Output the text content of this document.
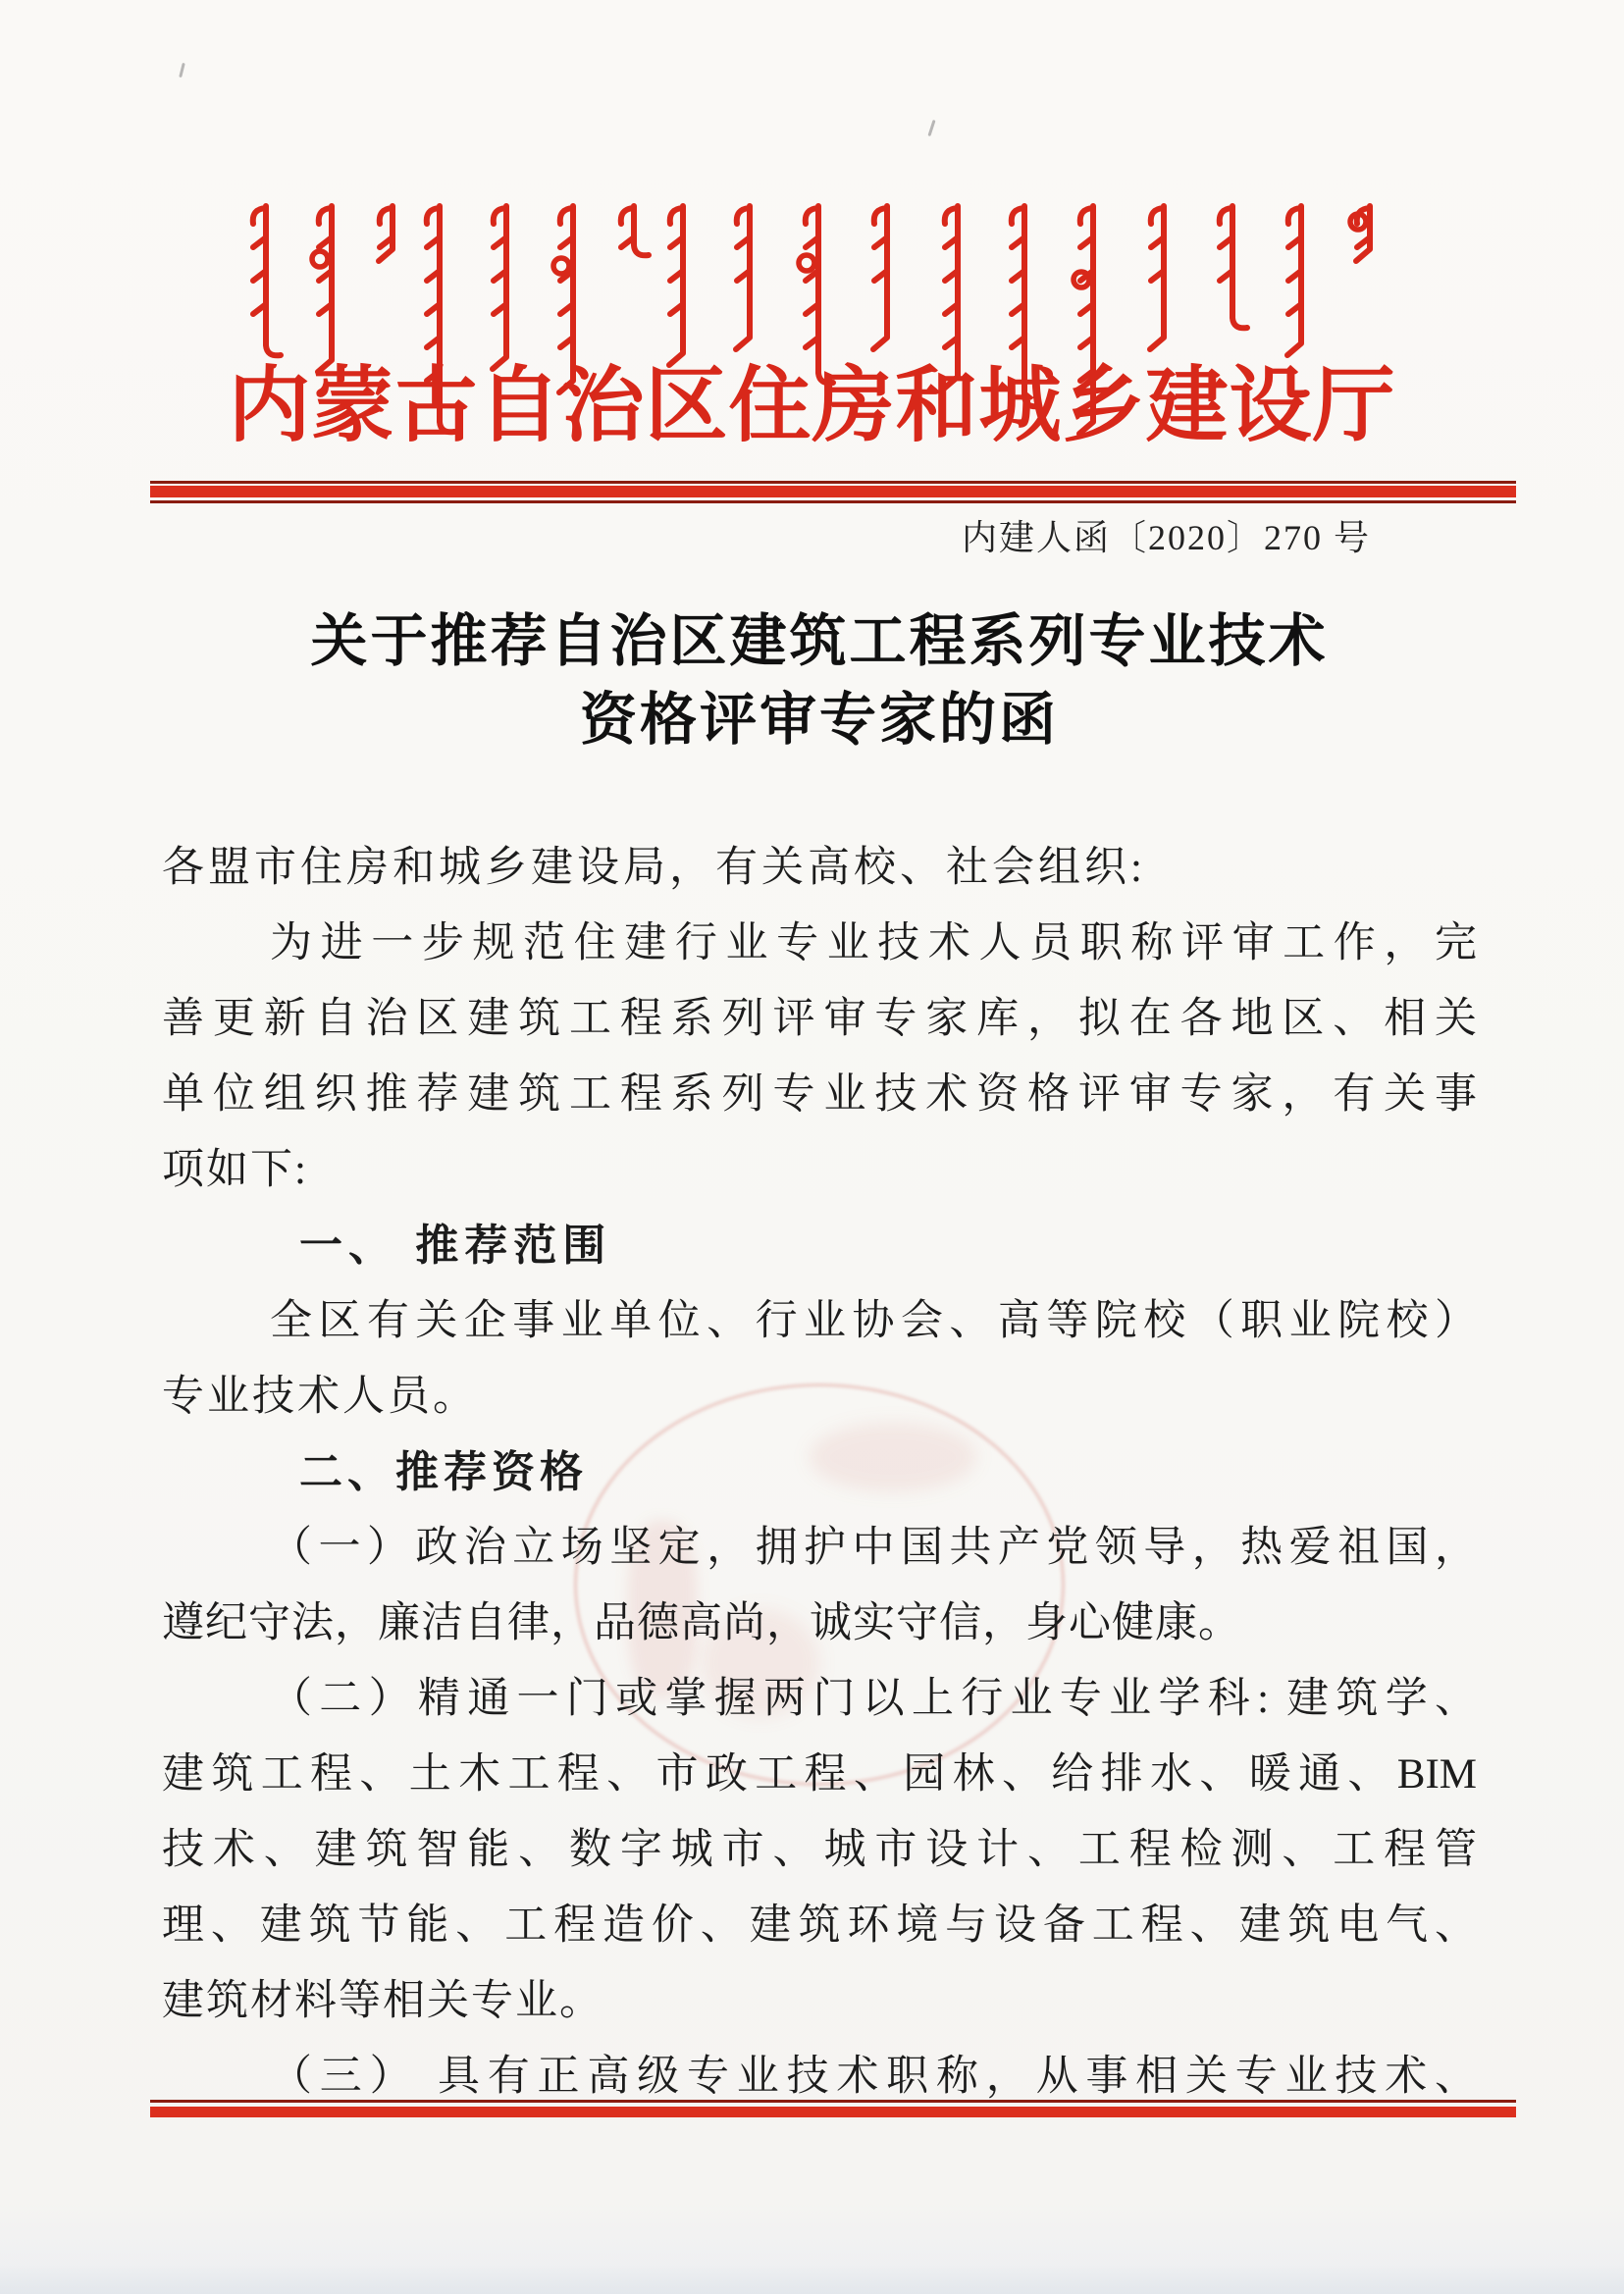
内蒙古自治区住房和城乡建设厅
内建人函〔2020〕270 号
关于推荐自治区建筑工程系列专业技术
资格评审专家的函
各盟市住房和城乡建设局，有关高校、社会组织:
为进一步规范住建行业专业技术人员职称评审工作，完
善更新自治区建筑工程系列评审专家库，拟在各地区、相关
单位组织推荐建筑工程系列专业技术资格评审专家，有关事
项如下:
一、 推荐范围
全区有关企事业单位、行业协会、高等院校（职业院校）
专业技术人员。
二、推荐资格
（一）政治立场坚定，拥护中国共产党领导，热爱祖国，
遵纪守法，廉洁自律，品德高尚，诚实守信，身心健康。
（二）精通一门或掌握两门以上行业专业学科: 建筑学、
建筑工程、土木工程、市政工程、园林、给排水、暖通、BIM
技术、建筑智能、数字城市、城市设计、工程检测、工程管
理、建筑节能、工程造价、建筑环境与设备工程、建筑电气、
建筑材料等相关专业。
（三） 具有正高级专业技术职称，从事相关专业技术、
